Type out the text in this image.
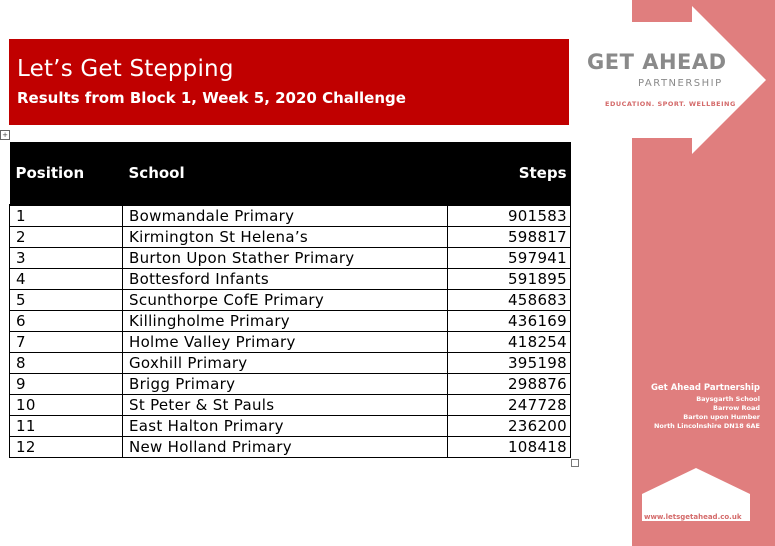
Let’s Get Stepping
Results from Block 1, Week 5, 2020 Challenge
+
Position	School	Steps
1	Bowmandale Primary	901583
2	Kirmington St Helena’s	598817
3	Burton Upon Stather Primary	597941
4	Bottesford Infants	591895
5	Scunthorpe CofE Primary	458683
6	Killingholme Primary	436169
7	Holme Valley Primary	418254
8	Goxhill Primary	395198
9	Brigg Primary	298876
10	St Peter & St Pauls	247728
11	East Halton Primary	236200
12	New Holland Primary	108418
GET AHEAD
PARTNERSHIP
EDUCATION. SPORT. WELLBEING
Get Ahead Partnership
Baysgarth School
Barrow Road
Barton upon Humber
North Lincolnshire DN18 6AE
www.letsgetahead.co.uk
